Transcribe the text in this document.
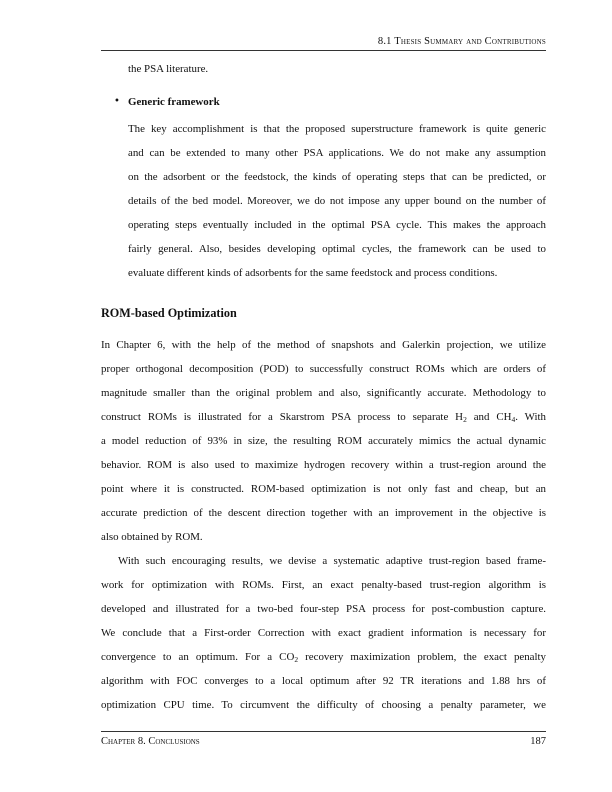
8.1 Thesis Summary and Contributions
the PSA literature.
• Generic framework
The key accomplishment is that the proposed superstructure framework is quite generic
and can be extended to many other PSA applications. We do not make any assumption
on the adsorbent or the feedstock, the kinds of operating steps that can be predicted, or
details of the bed model. Moreover, we do not impose any upper bound on the number of
operating steps eventually included in the optimal PSA cycle. This makes the approach
fairly general. Also, besides developing optimal cycles, the framework can be used to
evaluate different kinds of adsorbents for the same feedstock and process conditions.
ROM-based Optimization
In Chapter 6, with the help of the method of snapshots and Galerkin projection, we utilize
proper orthogonal decomposition (POD) to successfully construct ROMs which are orders of
magnitude smaller than the original problem and also, significantly accurate. Methodology to
construct ROMs is illustrated for a Skarstrom PSA process to separate $H_2$ and $CH_4$. With
a model reduction of 93% in size, the resulting ROM accurately mimics the actual dynamic
behavior. ROM is also used to maximize hydrogen recovery within a trust-region around the
point where it is constructed. ROM-based optimization is not only fast and cheap, but an
accurate prediction of the descent direction together with an improvement in the objective is
also obtained by ROM.
With such encouraging results, we devise a systematic adaptive trust-region based frame-
work for optimization with ROMs. First, an exact penalty-based trust-region algorithm is
developed and illustrated for a two-bed four-step PSA process for post-combustion capture.
We conclude that a First-order Correction with exact gradient information is necessary for
convergence to an optimum. For a $CO_2$ recovery maximization problem, the exact penalty
algorithm with FOC converges to a local optimum after 92 TR iterations and 1.88 hrs of
optimization CPU time. To circumvent the difficulty of choosing a penalty parameter, we
Chapter 8. Conclusions	187
